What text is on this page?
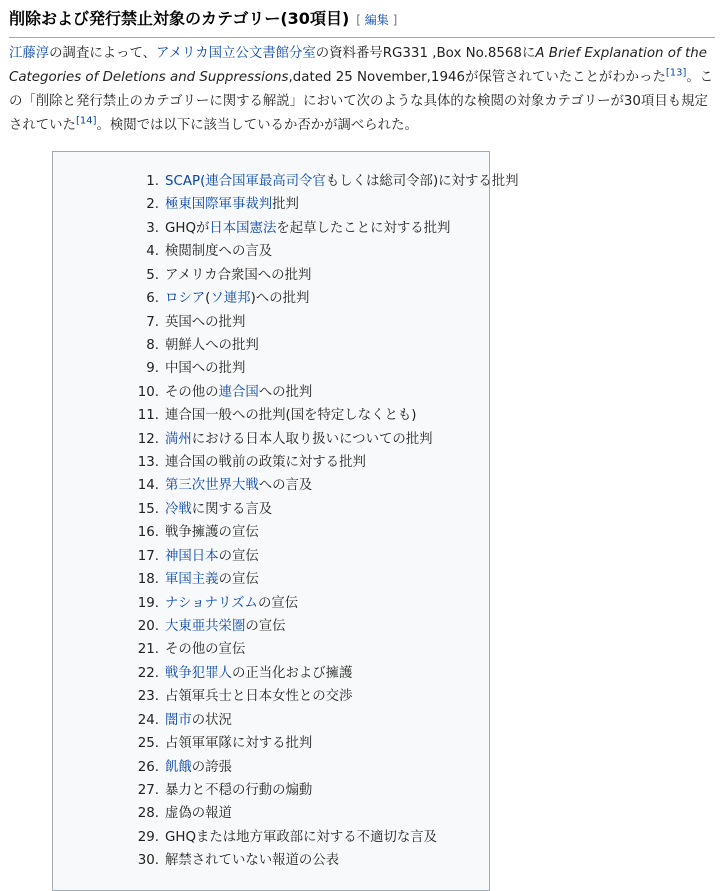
削除および発行禁止対象のカテゴリー(30項目) [ 編集 ]
江藤淳の調査によって、アメリカ国立公文書館分室の資料番号RG331 ,Box No.8568にA Brief Explanation of the Categories of Deletions and Suppressions,dated 25 November,1946が保管されていたことがわかった[13]。この「削除と発行禁止のカテゴリーに関する解説」において次のような具体的な検閲の対象カテゴリーが30項目も規定されていた[14]。検閲では以下に該当しているか否かが調べられた。
1. SCAP(連合国軍最高司令官もしくは総司令部)に対する批判
2. 極東国際軍事裁判批判
3. GHQが日本国憲法を起草したことに対する批判
4. 検閲制度への言及
5. アメリカ合衆国への批判
6. ロシア(ソ連邦)への批判
7. 英国への批判
8. 朝鮮人への批判
9. 中国への批判
10. その他の連合国への批判
11. 連合国一般への批判(国を特定しなくとも)
12. 満州における日本人取り扱いについての批判
13. 連合国の戦前の政策に対する批判
14. 第三次世界大戦への言及
15. 冷戦に関する言及
16. 戦争擁護の宣伝
17. 神国日本の宣伝
18. 軍国主義の宣伝
19. ナショナリズムの宣伝
20. 大東亜共栄圏の宣伝
21. その他の宣伝
22. 戦争犯罪人の正当化および擁護
23. 占領軍兵士と日本女性との交渉
24. 闇市の状況
25. 占領軍軍隊に対する批判
26. 飢餓の誇張
27. 暴力と不穏の行動の煽動
28. 虚偽の報道
29. GHQまたは地方軍政部に対する不適切な言及
30. 解禁されていない報道の公表
